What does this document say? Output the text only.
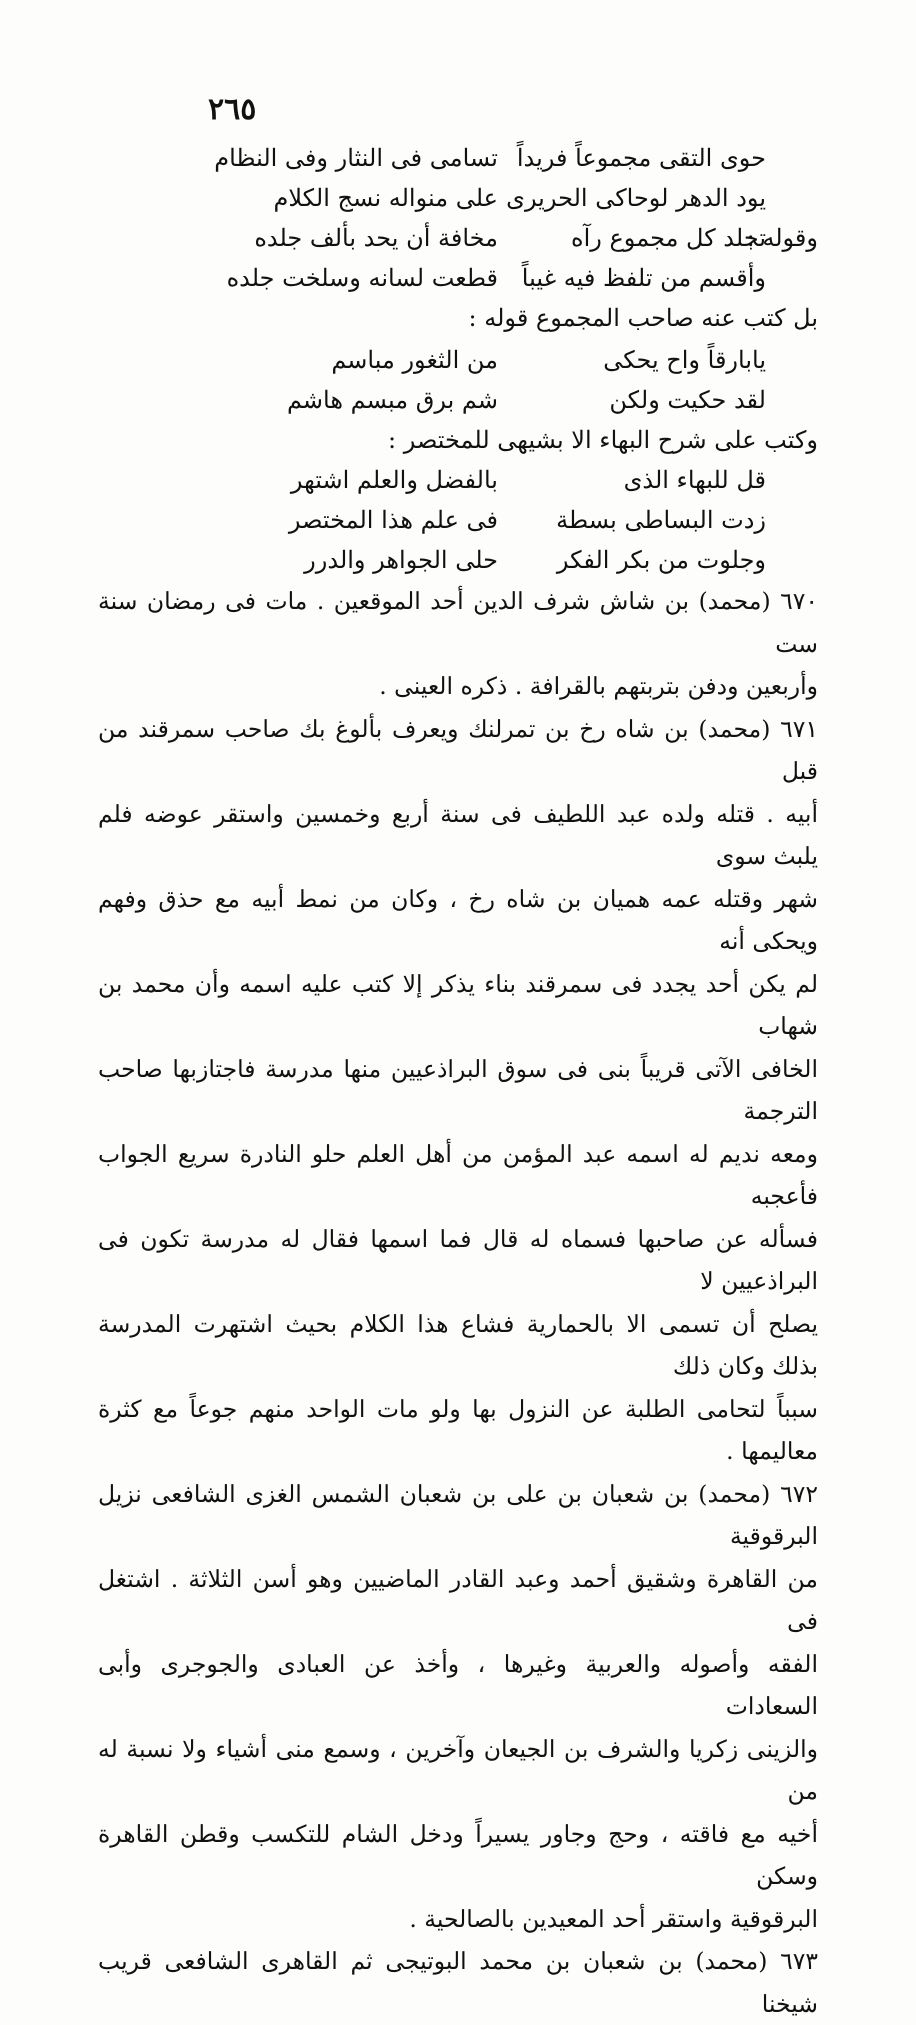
٢٦٥
حوى التقى مجموعاً فريداً
تسامى فى النثار وفى النظام
يود الدهر لوحاكى الحريرى
على منواله نسج الكلام
وقوله :
تجلد كل مجموع رآه
مخافة أن يحد بألف جلده
وأقسم من تلفظ فيه غيباً
قطعت لسانه وسلخت جلده
بل كتب عنه صاحب المجموع قوله :
يابارقاً واح يحكى
من الثغور مباسم
لقد حكيت ولكن
شم برق مبسم هاشم
وكتب على شرح البهاء الا بشيهى للمختصر :
قل للبهاء الذى
بالفضل والعلم اشتهر
زدت البساطى بسطة
فى علم هذا المختصر
وجلوت من بكر الفكر
حلى الجواهر والدرر

٦٧٠ (محمد) بن شاش شرف الدين أحد الموقعين . مات فى رمضان سنة ست
وأربعين ودفن بتربتهم بالقرافة . ذكره العينى .

٦٧١ (محمد) بن شاه رخ بن تمرلنك ويعرف بألوغ بك صاحب سمرقند من قبل
أبيه . قتله ولده عبد اللطيف فى سنة أربع وخمسين واستقر عوضه فلم يلبث سوى
شهر وقتله عمه هميان بن شاه رخ ، وكان من نمط أبيه مع حذق وفهم ويحكى أنه
لم يكن أحد يجدد فى سمرقند بناء يذكر إلا كتب عليه اسمه وأن محمد بن شهاب
الخافى الآتى قريباً بنى فى سوق البراذعيين منها مدرسة فاجتازبها صاحب الترجمة
ومعه نديم له اسمه عبد المؤمن من أهل العلم حلو النادرة سريع الجواب فأعجبه
فسأله عن صاحبها فسماه له قال فما اسمها فقال له مدرسة تكون فى البراذعيين لا
يصلح أن تسمى الا بالحمارية فشاع هذا الكلام بحيث اشتهرت المدرسة بذلك وكان ذلك
سبباً لتحامى الطلبة عن النزول بها ولو مات الواحد منهم جوعاً مع كثرة معاليمها .

٦٧٢ (محمد) بن شعبان بن على بن شعبان الشمس الغزى الشافعى نزيل البرقوقية
من القاهرة وشقيق أحمد وعبد القادر الماضيين وهو أسن الثلاثة . اشتغل فى
الفقه وأصوله والعربية وغيرها ، وأخذ عن العبادى والجوجرى وأبى السعادات
والزينى زكريا والشرف بن الجيعان وآخرين ، وسمع منى أشياء ولا نسبة له من
أخيه مع فاقته ، وحج وجاور يسيراً ودخل الشام للتكسب وقطن القاهرة وسكن
البرقوقية واستقر أحد المعيدين بالصالحية .

٦٧٣ (محمد) بن شعبان بن محمد البوتيجى ثم القاهرى الشافعى قريب شيخنا
